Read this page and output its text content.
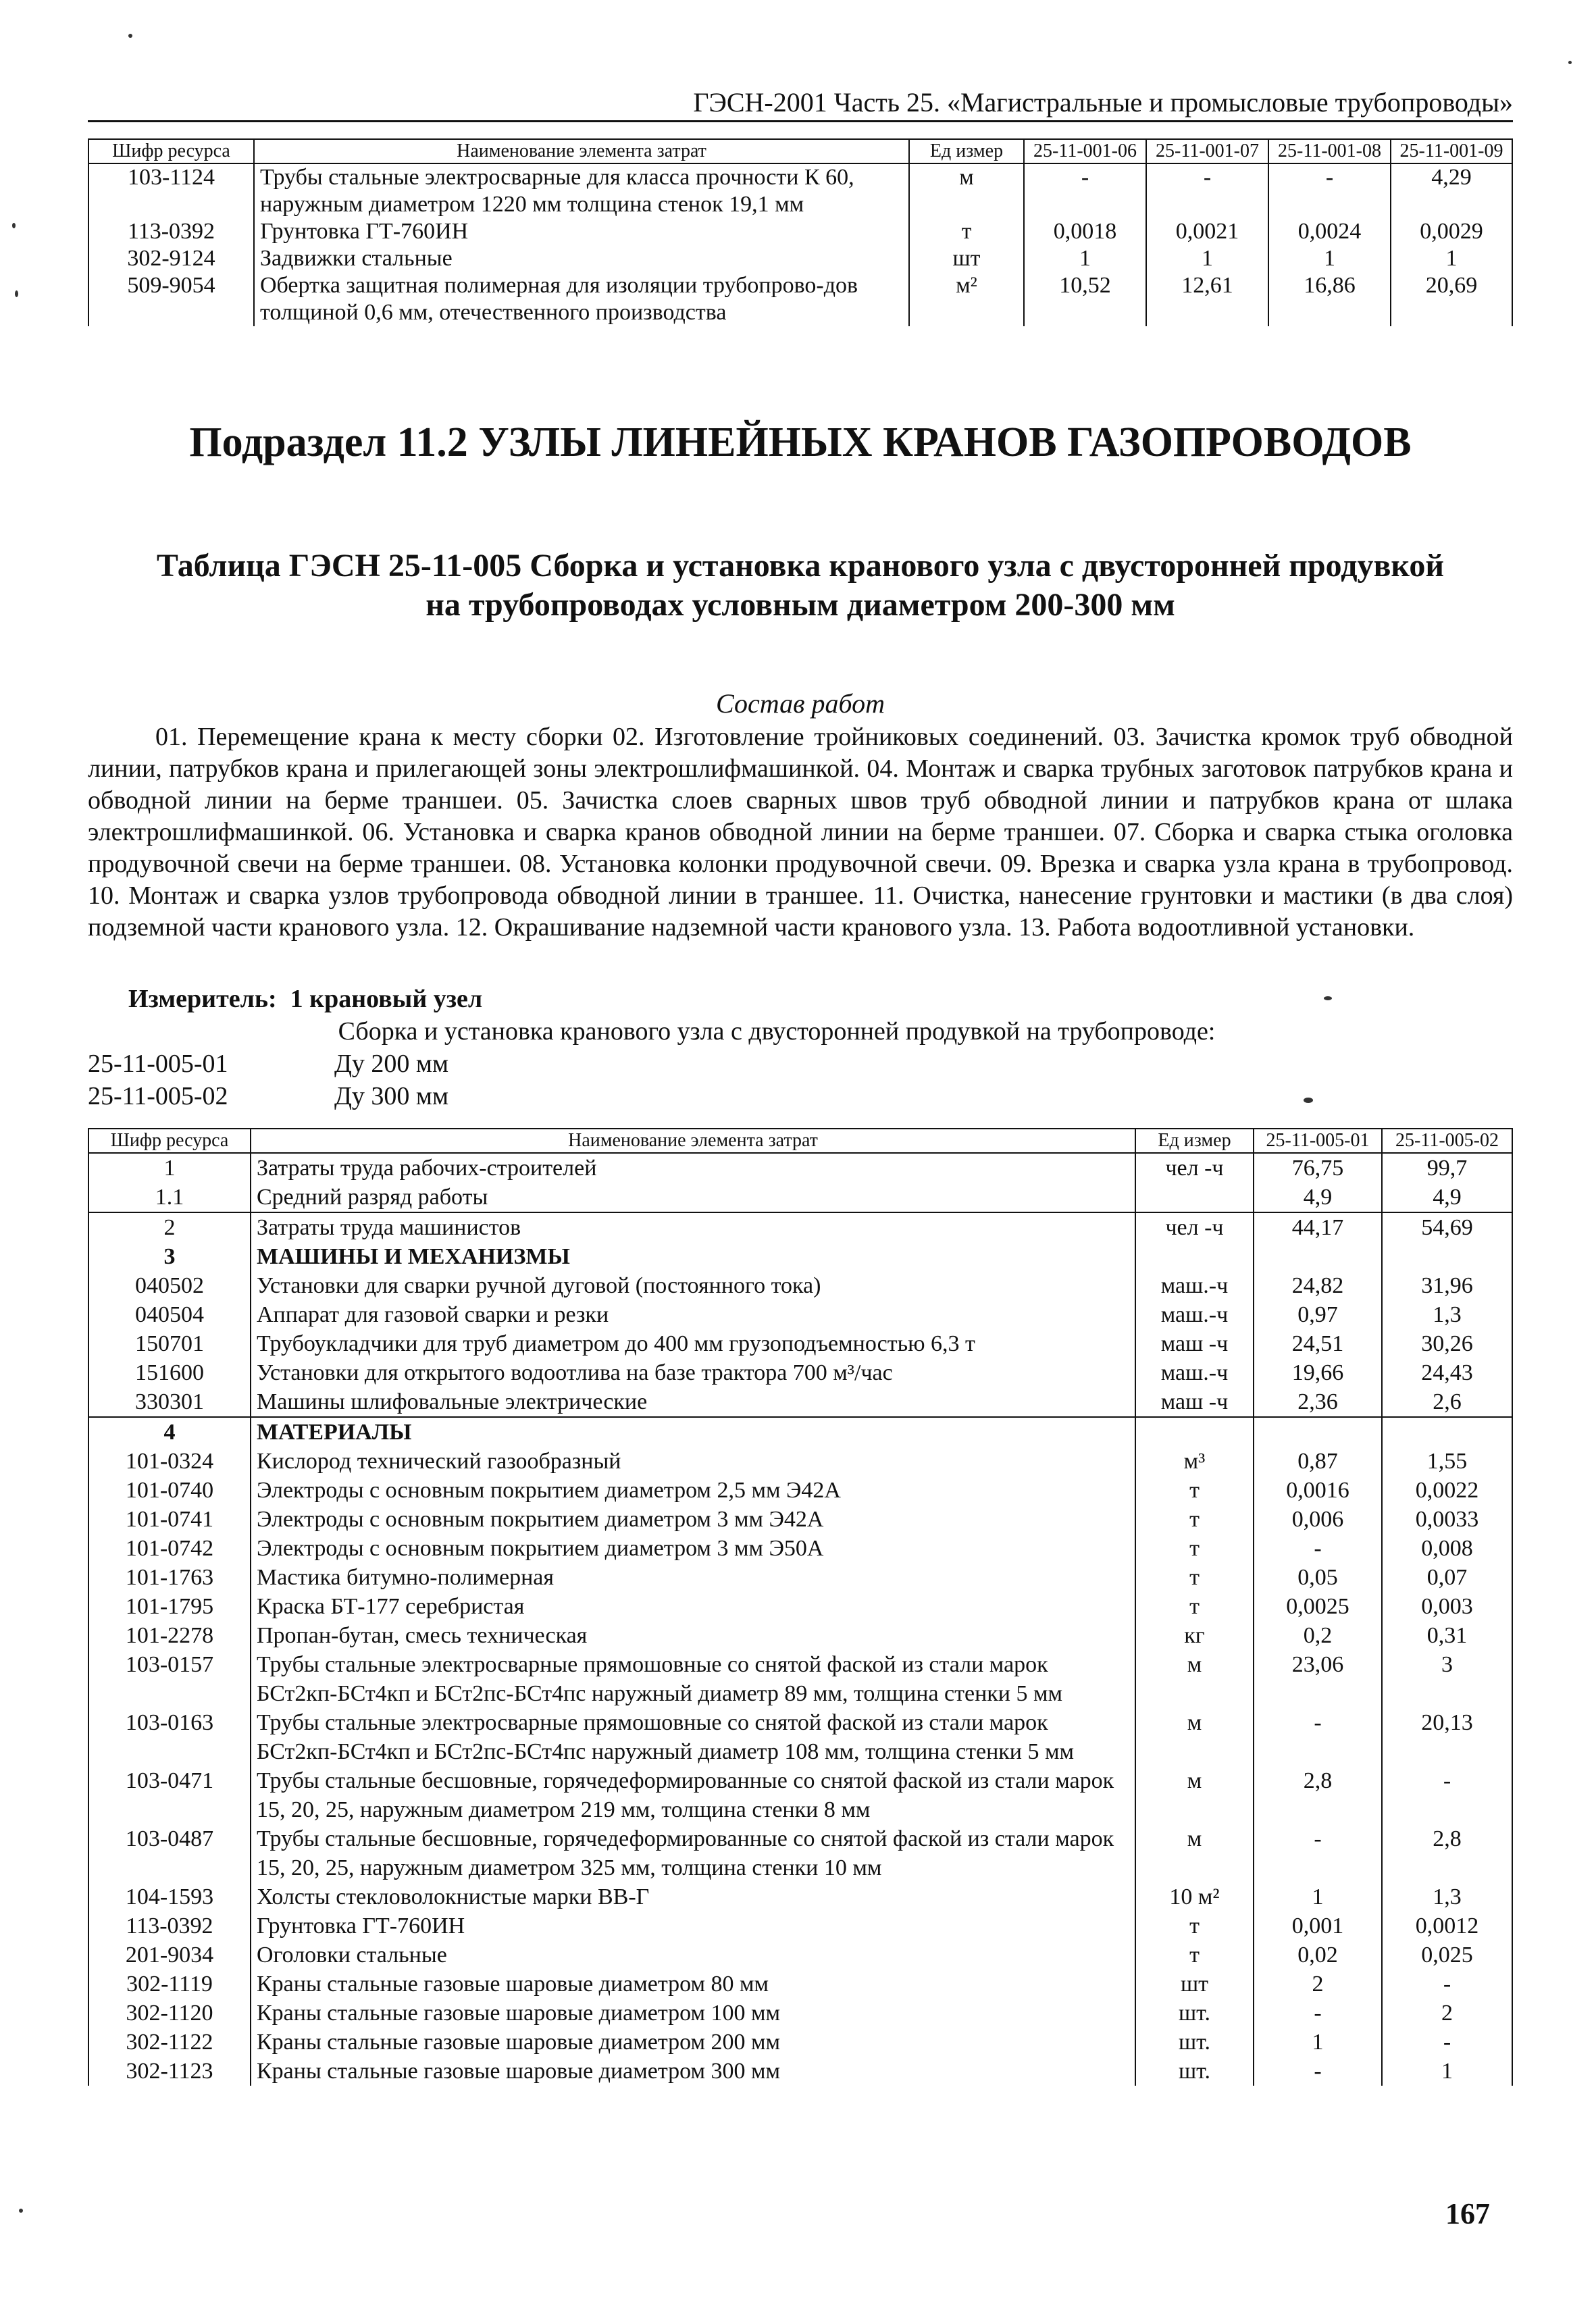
ГЭСН-2001 Часть 25. «Магистральные и промысловые трубопроводы»
Шифр ресурса	Наименование элемента затрат	Ед измер	25-11-001-06	25-11-001-07	25-11-001-08	25-11-001-09
103-1124	Трубы стальные электросварные для класса прочности К 60, наружным диаметром 1220 мм толщина стенок 19,1 мм	м	-	-	-	4,29
113-0392	Грунтовка ГТ-760ИН	т	0,0018	0,0021	0,0024	0,0029
302-9124	Задвижки стальные	шт	1	1	1	1
509-9054	Обертка защитная полимерная для изоляции трубопрово-дов толщиной 0,6 мм, отечественного производства	м²	10,52	12,61	16,86	20,69
Подраздел 11.2 УЗЛЫ ЛИНЕЙНЫХ КРАНОВ ГАЗОПРОВОДОВ
Таблица ГЭСН 25-11-005 Сборка и установка кранового узла с двусторонней продувкой
на трубопроводах условным диаметром 200-300 мм
Состав работ

01. Перемещение крана к месту сборки 02. Изготовление тройниковых соединений. 03. Зачистка кромок труб обводной линии, патрубков крана и прилегающей зоны электрошлифмашинкой. 04. Монтаж и сварка трубных заготовок патрубков крана и обводной линии на берме траншеи. 05. Зачистка слоев сварных швов труб обводной линии и патрубков крана от шлака электрошлифмашинкой. 06. Установка и сварка кранов обводной линии на берме траншеи. 07. Сборка и сварка стыка оголовка продувочной свечи на берме траншеи. 08. Установка колонки продувочной свечи. 09. Врезка и сварка узла крана в трубопровод. 10. Монтаж и сварка узлов трубопровода обводной линии в траншее. 11. Очистка, нанесение грунтовки и мастики (в два слоя) подземной части кранового узла. 12. Окрашивание надземной части кранового узла. 13. Работа водоотливной установки.

Измеритель: 1 крановый узел
Сборка и установка кранового узла с двусторонней продувкой на трубопроводе:
25-11-005-01	Ду 200 мм
25-11-005-02	Ду 300 мм
Шифр ресурса	Наименование элемента затрат	Ед измер	25-11-005-01	25-11-005-02
1	Затраты труда рабочих-строителей	чел -ч	76,75	99,7
1.1	Средний разряд работы		4,9	4,9
2	Затраты труда машинистов	чел -ч	44,17	54,69
3	МАШИНЫ И МЕХАНИЗМЫ			
040502	Установки для сварки ручной дуговой (постоянного тока)	маш.-ч	24,82	31,96
040504	Аппарат для газовой сварки и резки	маш.-ч	0,97	1,3
150701	Трубоукладчики для труб диаметром до 400 мм грузоподъемностью 6,3 т	маш -ч	24,51	30,26
151600	Установки для открытого водоотлива на базе трактора 700 м³/час	маш.-ч	19,66	24,43
330301	Машины шлифовальные электрические	маш -ч	2,36	2,6
4	МАТЕРИАЛЫ			
101-0324	Кислород технический газообразный	м³	0,87	1,55
101-0740	Электроды с основным покрытием диаметром 2,5 мм Э42А	т	0,0016	0,0022
101-0741	Электроды с основным покрытием диаметром 3 мм Э42А	т	0,006	0,0033
101-0742	Электроды с основным покрытием диаметром 3 мм Э50А	т	-	0,008
101-1763	Мастика битумно-полимерная	т	0,05	0,07
101-1795	Краска БТ-177 серебристая	т	0,0025	0,003
101-2278	Пропан-бутан, смесь техническая	кг	0,2	0,31
103-0157	Трубы стальные электросварные прямошовные со снятой фаской из стали марок БСт2кп-БСт4кп и БСт2пс-БСт4пс наружный диаметр 89 мм, толщина стенки 5 мм	м	23,06	3
103-0163	Трубы стальные электросварные прямошовные со снятой фаской из стали марок БСт2кп-БСт4кп и БСт2пс-БСт4пс наружный диаметр 108 мм, толщина стенки 5 мм	м	-	20,13
103-0471	Трубы стальные бесшовные, горячедеформированные со снятой фаской из стали марок 15, 20, 25, наружным диаметром 219 мм, толщина стенки 8 мм	м	2,8	-
103-0487	Трубы стальные бесшовные, горячедеформированные со снятой фаской из стали марок 15, 20, 25, наружным диаметром 325 мм, толщина стенки 10 мм	м	-	2,8
104-1593	Холсты стекловолокнистые марки ВВ-Г	10 м²	1	1,3
113-0392	Грунтовка ГТ-760ИН	т	0,001	0,0012
201-9034	Оголовки стальные	т	0,02	0,025
302-1119	Краны стальные газовые шаровые диаметром 80 мм	шт	2	-
302-1120	Краны стальные газовые шаровые диаметром 100 мм	шт.	-	2
302-1122	Краны стальные газовые шаровые диаметром 200 мм	шт.	1	-
302-1123	Краны стальные газовые шаровые диаметром 300 мм	шт.	-	1
167
